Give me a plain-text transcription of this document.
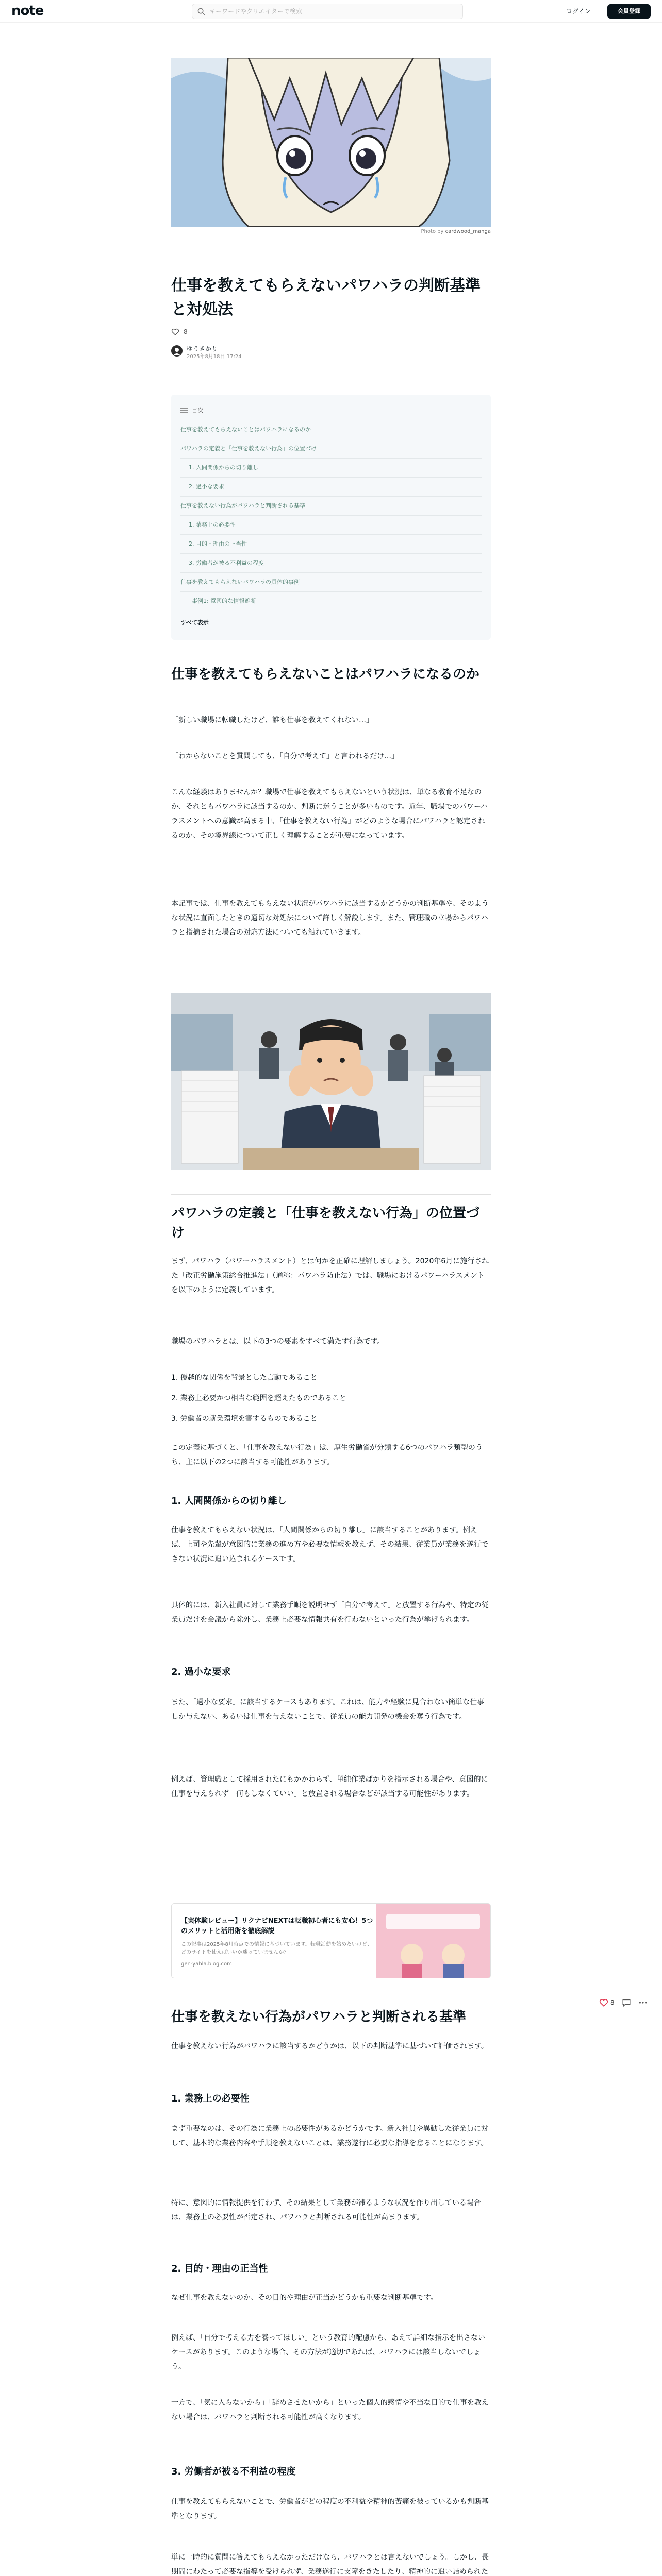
note
キーワードやクリエイターで検索	ログイン	会員登録
Photo by cardwood_manga
仕事を教えてもらえないパワハラの判断基準と対処法
8
ゆうきかり
2025年8月18日 17:24
目次
仕事を教えてもらえないことはパワハラになるのか
パワハラの定義と「仕事を教えない行為」の位置づけ
1. 人間関係からの切り離し
2. 過小な要求
仕事を教えない行為がパワハラと判断される基準
1. 業務上の必要性
2. 目的・理由の正当性
3. 労働者が被る不利益の程度
仕事を教えてもらえないパワハラの具体的事例
事例1: 意図的な情報遮断
すべて表示
仕事を教えてもらえないことはパワハラになるのか

「新しい職場に転職したけど、誰も仕事を教えてくれない…」

「わからないことを質問しても、「自分で考えて」と言われるだけ…」

こんな経験はありませんか？職場で仕事を教えてもらえないという状況は、単なる教育不足なのか、それともパワハラに該当するのか、判断に迷うことが多いものです。近年、職場でのパワーハラスメントへの意識が高まる中、「仕事を教えない行為」がどのような場合にパワハラと認定されるのか、その境界線について正しく理解することが重要になっています。

本記事では、仕事を教えてもらえない状況がパワハラに該当するかどうかの判断基準や、そのような状況に直面したときの適切な対処法について詳しく解説します。また、管理職の立場からパワハラと指摘された場合の対応方法についても触れていきます。

パワハラの定義と「仕事を教えない行為」の位置づけ

まず、パワハラ（パワーハラスメント）とは何かを正確に理解しましょう。2020年6月に施行された「改正労働施策総合推進法」（通称：パワハラ防止法）では、職場におけるパワーハラスメントを以下のように定義しています。

職場のパワハラとは、以下の3つの要素をすべて満たす行為です。

1. 優越的な関係を背景とした言動であること
2. 業務上必要かつ相当な範囲を超えたものであること
3. 労働者の就業環境を害するものであること

この定義に基づくと、「仕事を教えない行為」は、厚生労働省が分類する6つのパワハラ類型のうち、主に以下の2つに該当する可能性があります。

1. 人間関係からの切り離し

仕事を教えてもらえない状況は、「人間関係からの切り離し」に該当することがあります。例えば、上司や先輩が意図的に業務の進め方や必要な情報を教えず、その結果、従業員が業務を遂行できない状況に追い込まれるケースです。

具体的には、新入社員に対して業務手順を説明せず「自分で考えて」と放置する行為や、特定の従業員だけを会議から除外し、業務上必要な情報共有を行わないといった行為が挙げられます。

2. 過小な要求

また、「過小な要求」に該当するケースもあります。これは、能力や経験に見合わない簡単な仕事しか与えない、あるいは仕事を与えないことで、従業員の能力開発の機会を奪う行為です。

例えば、管理職として採用されたにもかかわらず、単純作業ばかりを指示される場合や、意図的に仕事を与えられず「何もしなくていい」と放置される場合などが該当する可能性があります。

【実体験レビュー】リクナビNEXTは転職初心者にも安心！5つのメリットと活用術を徹底解説
この記事は2025年8月時点での情報に基づいています。転職活動を始めたいけど、どのサイトを使えばいいか迷っていませんか？
gen-yabla.blog.com
8
仕事を教えない行為がパワハラと判断される基準

仕事を教えない行為がパワハラに該当するかどうかは、以下の判断基準に基づいて評価されます。

1. 業務上の必要性

まず重要なのは、その行為に業務上の必要性があるかどうかです。新入社員や異動した従業員に対して、基本的な業務内容や手順を教えないことは、業務遂行に必要な指導を怠ることになります。

特に、意図的に情報提供を行わず、その結果として業務が滞るような状況を作り出している場合は、業務上の必要性が否定され、パワハラと判断される可能性が高まります。

2. 目的・理由の正当性

なぜ仕事を教えないのか、その目的や理由が正当かどうかも重要な判断基準です。

例えば、「自分で考える力を養ってほしい」という教育的配慮から、あえて詳細な指示を出さないケースがあります。このような場合、その方法が適切であれば、パワハラには該当しないでしょう。

一方で、「気に入らないから」「辞めさせたいから」といった個人的感情や不当な目的で仕事を教えない場合は、パワハラと判断される可能性が高くなります。

3. 労働者が被る不利益の程度

仕事を教えてもらえないことで、労働者がどの程度の不利益や精神的苦痛を被っているかも判断基準となります。

単に一時的に質問に答えてもらえなかっただけなら、パワハラとは言えないでしょう。しかし、長期間にわたって必要な指導を受けられず、業務遂行に支障をきたしたり、精神的に追い詰められた
